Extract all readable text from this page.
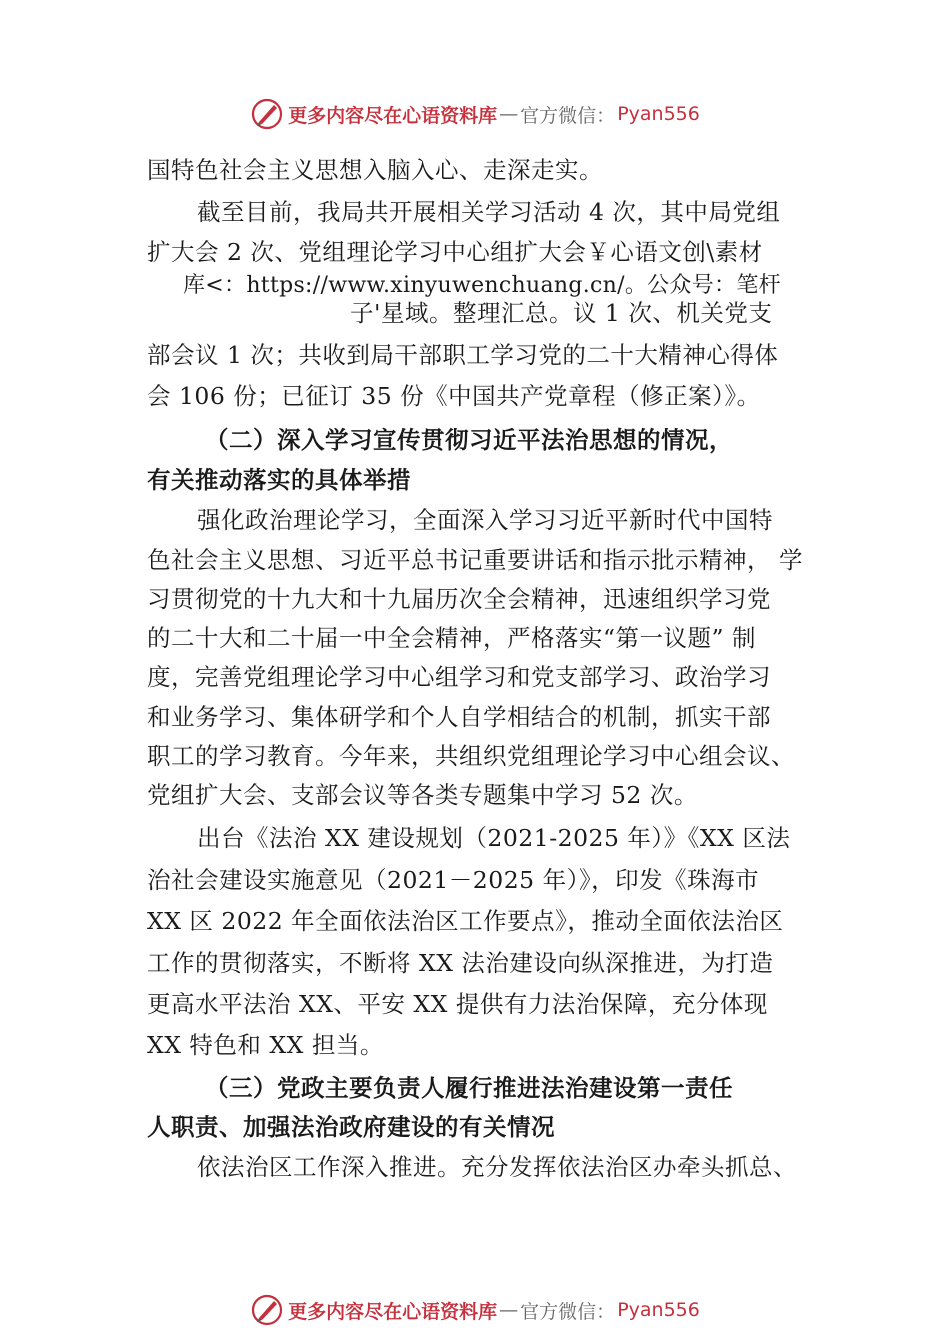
更多内容尽在心语资料库 — 官方微信： Pyan556
国特色社会主义思想入脑入心、走深走实。
截至目前，我局共开展相关学习活动 4 次，其中局党组
扩大会 2 次、党组理论学习中心组扩大会￥心语文创\素材
库<：https://www.xinyuwenchuang.cn/。公众号：笔杆
子'星域。整理汇总。议 1 次、机关党支
部会议 1 次；共收到局干部职工学习党的二十大精神心得体
会 106 份；已征订 35 份《中国共产党章程（修正案）》。
（二）深入学习宣传贯彻习近平法治思想的情况，
有关推动落实的具体举措
强化政治理论学习，全面深入学习习近平新时代中国特
色社会主义思想、习近平总书记重要讲话和指示批示精神， 学
习贯彻党的十九大和十九届历次全会精神，迅速组织学习党
的二十大和二十届一中全会精神，严格落实“第一议题” 制
度，完善党组理论学习中心组学习和党支部学习、政治学习
和业务学习、集体研学和个人自学相结合的机制，抓实干部
职工的学习教育。今年来，共组织党组理论学习中心组会议、
党组扩大会、支部会议等各类专题集中学习 52 次。
出台《法治 XX 建设规划（2021-2025 年）》《XX 区法
治社会建设实施意见（2021－2025 年）》，印发《珠海市
XX 区 2022 年全面依法治区工作要点》，推动全面依法治区
工作的贯彻落实，不断将 XX 法治建设向纵深推进，为打造
更高水平法治 XX、平安 XX 提供有力法治保障，充分体现
XX 特色和 XX 担当。
（三）党政主要负责人履行推进法治建设第一责任
人职责、加强法治政府建设的有关情况
依法治区工作深入推进。充分发挥依法治区办牵头抓总、
更多内容尽在心语资料库 — 官方微信： Pyan556
